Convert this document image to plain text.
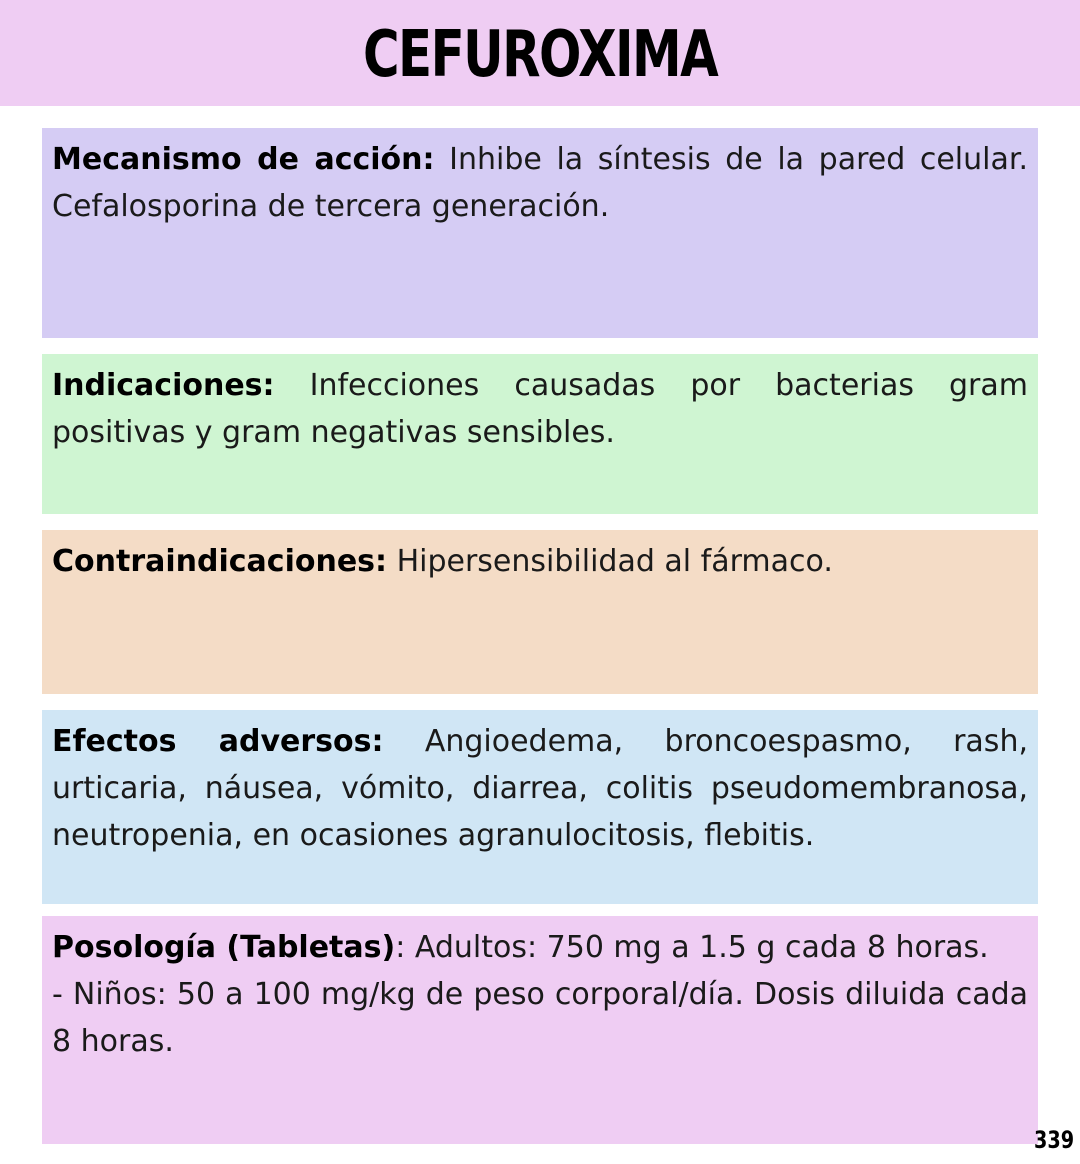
CEFUROXIMA
Mecanismo de acción: Inhibe la síntesis de la pared celular. Cefalosporina de tercera generación.
Indicaciones: Infecciones causadas por bacterias gram positivas y gram negativas sensibles.
Contraindicaciones: Hipersensibilidad al fármaco.
Efectos adversos: Angioedema, broncoespasmo, rash, urticaria, náusea, vómito, diarrea, colitis pseudomembranosa, neutropenia, en ocasiones agranulocitosis, flebitis.
Posología (Tabletas): Adultos: 750 mg a 1.5 g cada 8 horas.
- Niños: 50 a 100 mg/kg de peso corporal/día. Dosis diluida cada 8 horas.
339
